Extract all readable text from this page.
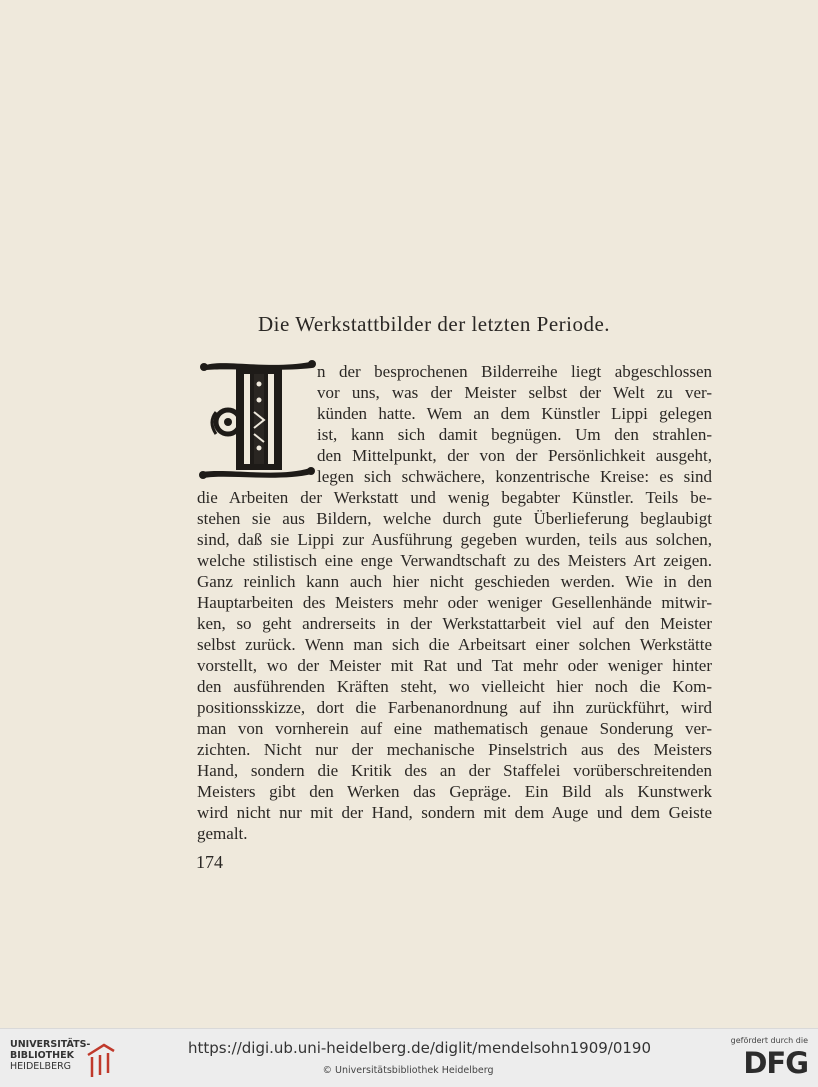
Die Werkstattbilder der letzten Periode.
n der besprochenen Bilderreihe liegt abgeschlossen
vor uns, was der Meister selbst der Welt zu ver-
künden hatte. Wem an dem Künstler Lippi gelegen
ist, kann sich damit begnügen. Um den strahlen-
den Mittelpunkt, der von der Persönlichkeit ausgeht,
legen sich schwächere, konzentrische Kreise: es sind
die Arbeiten der Werkstatt und wenig begabter Künstler. Teils be-
stehen sie aus Bildern, welche durch gute Überlieferung beglaubigt
sind, daß sie Lippi zur Ausführung gegeben wurden, teils aus solchen,
welche stilistisch eine enge Verwandtschaft zu des Meisters Art zeigen.
Ganz reinlich kann auch hier nicht geschieden werden. Wie in den
Hauptarbeiten des Meisters mehr oder weniger Gesellenhände mitwir-
ken, so geht andrerseits in der Werkstattarbeit viel auf den Meister
selbst zurück. Wenn man sich die Arbeitsart einer solchen Werkstätte
vorstellt, wo der Meister mit Rat und Tat mehr oder weniger hinter
den ausführenden Kräften steht, wo vielleicht hier noch die Kom-
positionsskizze, dort die Farbenanordnung auf ihn zurückführt, wird
man von vornherein auf eine mathematisch genaue Sonderung ver-
zichten. Nicht nur der mechanische Pinselstrich aus des Meisters
Hand, sondern die Kritik des an der Staffelei vorüberschreitenden
Meisters gibt den Werken das Gepräge. Ein Bild als Kunstwerk
wird nicht nur mit der Hand, sondern mit dem Auge und dem Geiste
gemalt.
174
UNIVERSITÄTS-
BIBLIOTHEK
HEIDELBERG
https://digi.ub.uni-heidelberg.de/diglit/mendelsohn1909/0190
© Universitätsbibliothek Heidelberg
gefördert durch die
DFG
